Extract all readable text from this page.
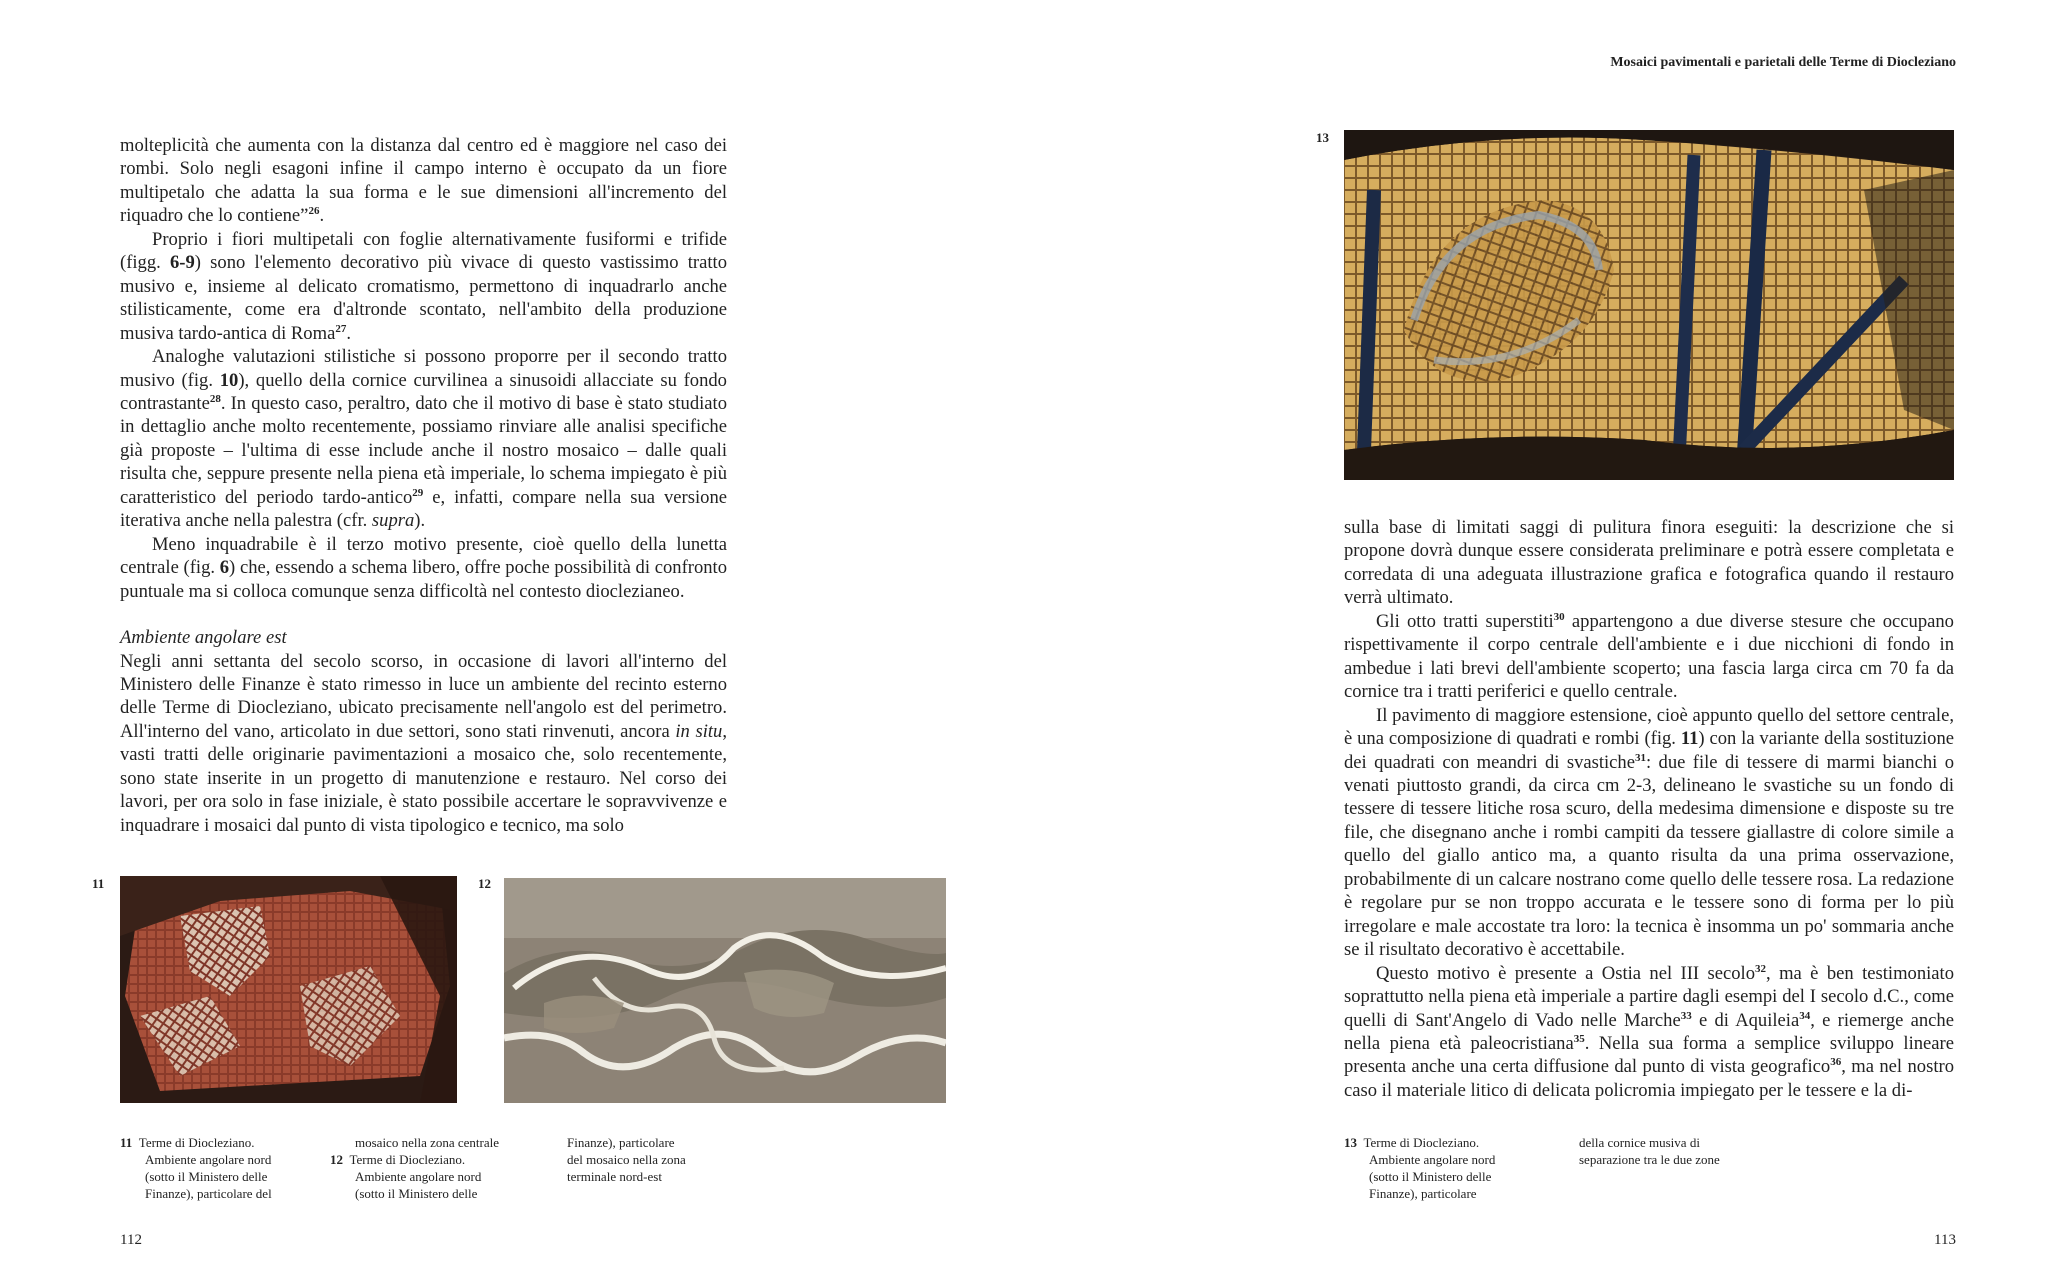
molteplicità che aumenta con la distanza dal centro ed è maggiore nel caso dei rombi. Solo negli esagoni infine il campo interno è occupato da un fiore multipetalo che adatta la sua forma e le sue dimensioni all'incremento del riquadro che lo contiene”$^{26}$.

Proprio i fiori multipetali con foglie alternativamente fusiformi e trifide (figg. 6-9) sono l'elemento decorativo più vivace di questo vastissimo tratto musivo e, insieme al delicato cromatismo, permettono di inquadrarlo anche stilisticamente, come era d'altronde scontato, nell'ambito della produzione musiva tardo-antica di Roma$^{27}$.

Analoghe valutazioni stilistiche si possono proporre per il secondo tratto musivo (fig. 10), quello della cornice curvilinea a sinusoidi allacciate su fondo contrastante$^{28}$. In questo caso, peraltro, dato che il motivo di base è stato studiato in dettaglio anche molto recentemente, possiamo rinviare alle analisi specifiche già proposte – l'ultima di esse include anche il nostro mosaico – dalle quali risulta che, seppure presente nella piena età imperiale, lo schema impiegato è più caratteristico del periodo tardo-antico$^{29}$ e, infatti, compare nella sua versione iterativa anche nella palestra (cfr. supra).

Meno inquadrabile è il terzo motivo presente, cioè quello della lunetta centrale (fig. 6) che, essendo a schema libero, offre poche possibilità di confronto puntuale ma si colloca comunque senza difficoltà nel contesto dioclezianeo.

Ambiente angolare est

Negli anni settanta del secolo scorso, in occasione di lavori all'interno del Ministero delle Finanze è stato rimesso in luce un ambiente del recinto esterno delle Terme di Diocleziano, ubicato precisamente nell'angolo est del perimetro. All'interno del vano, articolato in due settori, sono stati rinvenuti, ancora in situ, vasti tratti delle originarie pavimentazioni a mosaico che, solo recentemente, sono state inserite in un progetto di manutenzione e restauro. Nel corso dei lavori, per ora solo in fase iniziale, è stato possibile accertare le sopravvivenze e inquadrare i mosaici dal punto di vista tipologico e tecnico, ma solo

11	12
11 Terme di Diocleziano.
Ambiente angolare nord
(sotto il Ministero delle
Finanze), particolare del
mosaico nella zona centrale
12 Terme di Diocleziano.
Ambiente angolare nord
(sotto il Ministero delle
Finanze), particolare
del mosaico nella zona
terminale nord-est
112
Mosaici pavimentali e parietali delle Terme di Diocleziano
13

sulla base di limitati saggi di pulitura finora eseguiti: la descrizione che si propone dovrà dunque essere considerata preliminare e potrà essere completata e corredata di una adeguata illustrazione grafica e fotografica quando il restauro verrà ultimato.

Gli otto tratti superstiti$^{30}$ appartengono a due diverse stesure che occupano rispettivamente il corpo centrale dell'ambiente e i due nicchioni di fondo in ambedue i lati brevi dell'ambiente scoperto; una fascia larga circa cm 70 fa da cornice tra i tratti periferici e quello centrale.

Il pavimento di maggiore estensione, cioè appunto quello del settore centrale, è una composizione di quadrati e rombi (fig. 11) con la variante della sostituzione dei quadrati con meandri di svastiche$^{31}$: due file di tessere di marmi bianchi o venati piuttosto grandi, da circa cm 2-3, delineano le svastiche su un fondo di tessere di tessere litiche rosa scuro, della medesima dimensione e disposte su tre file, che disegnano anche i rombi campiti da tessere giallastre di colore simile a quello del giallo antico ma, a quanto risulta da una prima osservazione, probabilmente di un calcare nostrano come quello delle tessere rosa. La redazione è regolare pur se non troppo accurata e le tessere sono di forma per lo più irregolare e male accostate tra loro: la tecnica è insomma un po' sommaria anche se il risultato decorativo è accettabile.

Questo motivo è presente a Ostia nel III secolo$^{32}$, ma è ben testimoniato soprattutto nella piena età imperiale a partire dagli esempi del I secolo d.C., come quelli di Sant'Angelo di Vado nelle Marche$^{33}$ e di Aquileia$^{34}$, e riemerge anche nella piena età paleocristiana$^{35}$. Nella sua forma a semplice sviluppo lineare presenta anche una certa diffusione dal punto di vista geografico$^{36}$, ma nel nostro caso il materiale litico di delicata policromia impiegato per le tessere e la di-

13 Terme di Diocleziano.
Ambiente angolare nord
(sotto il Ministero delle
Finanze), particolare
della cornice musiva di
separazione tra le due zone
113
